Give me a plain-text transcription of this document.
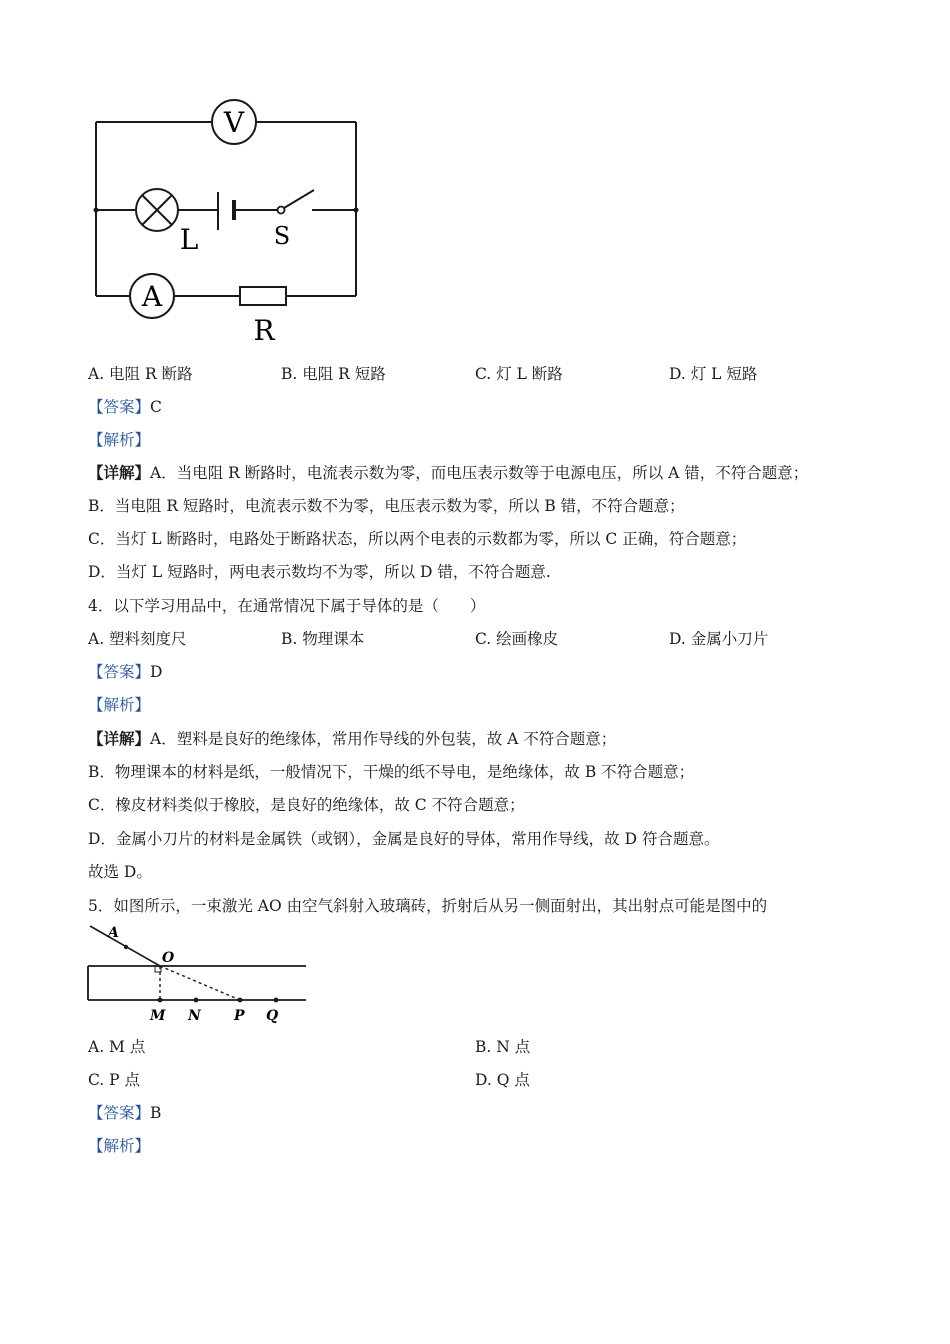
V
L	S
A
R
A. 电阻 R 断路	B. 电阻 R 短路	C. 灯 L 断路	D. 灯 L 短路
【答案】C
【解析】
【详解】A．当电阻 R 断路时，电流表示数为零，而电压表示数等于电源电压，所以 A 错，不符合题意；
B．当电阻 R 短路时，电流表示数不为零，电压表示数为零，所以 B 错，不符合题意；
C．当灯 L 断路时，电路处于断路状态，所以两个电表的示数都为零，所以 C 正确，符合题意；
D．当灯 L 短路时，两电表示数均不为零，所以 D 错，不符合题意.
4．以下学习用品中，在通常情况下属于导体的是（　　）
A. 塑料刻度尺	B. 物理课本	C. 绘画橡皮	D. 金属小刀片
【答案】D
【解析】
【详解】A．塑料是良好的绝缘体，常用作导线的外包装，故 A 不符合题意；
B．物理课本的材料是纸，一般情况下，干燥的纸不导电，是绝缘体，故 B 不符合题意；
C．橡皮材料类似于橡胶，是良好的绝缘体，故 C 不符合题意；
D．金属小刀片的材料是金属铁（或钢），金属是良好的导体，常用作导线，故 D 符合题意。
故选 D。
5．如图所示，一束激光 AO 由空气斜射入玻璃砖，折射后从另一侧面射出，其出射点可能是图中的
A
O
M N P Q
A. M 点	B. N 点
C. P 点	D. Q 点
【答案】B
【解析】
